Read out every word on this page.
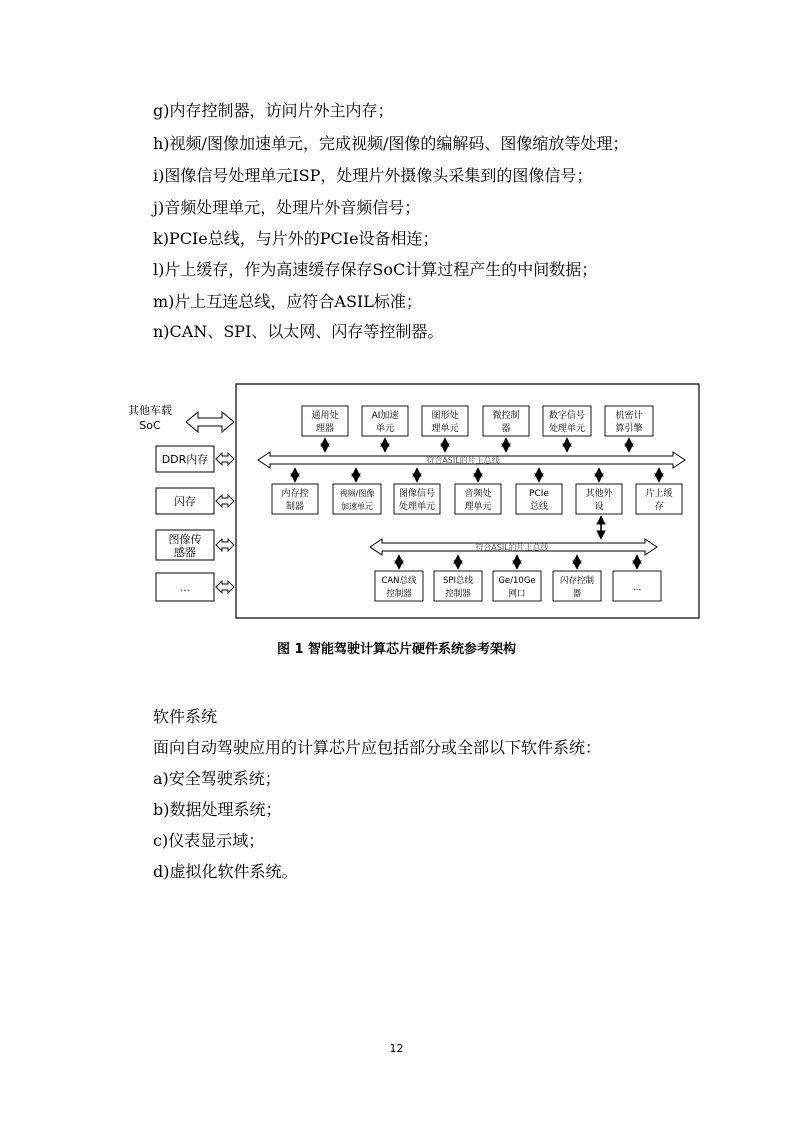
g)内存控制器，访问片外主内存；
h)视频/图像加速单元，完成视频/图像的编解码、图像缩放等处理；
i)图像信号处理单元ISP，处理片外摄像头采集到的图像信号；
j)音频处理单元，处理片外音频信号；
k)PCIe总线，与片外的PCIe设备相连；
l)片上缓存，作为高速缓存保存SoC计算过程产生的中间数据；
m)片上互连总线，应符合ASIL标准；
n)CAN、SPI、以太网、闪存等控制器。
其他车载
SoC
DDR内存
闪存
图像传
感器
...
通用处
理器
AI加速
单元
图形处
理单元
微控制
器
数字信号
处理单元
机密计
算引擎
符合ASIL的片上总线
内存控
制器
视频/图像
加速单元
图像信号
处理单元
音频处
理单元
PCIe
总线
其他外
设
片上缓
存
符合ASIL的片上总线
CAN总线
控制器
SPI总线
控制器
Ge/10Ge
网口
闪存控制
器
...
图 1 智能驾驶计算芯片硬件系统参考架构
软件系统
面向自动驾驶应用的计算芯片应包括部分或全部以下软件系统：
a)安全驾驶系统；
b)数据处理系统；
c)仪表显示域；
d)虚拟化软件系统。
12
